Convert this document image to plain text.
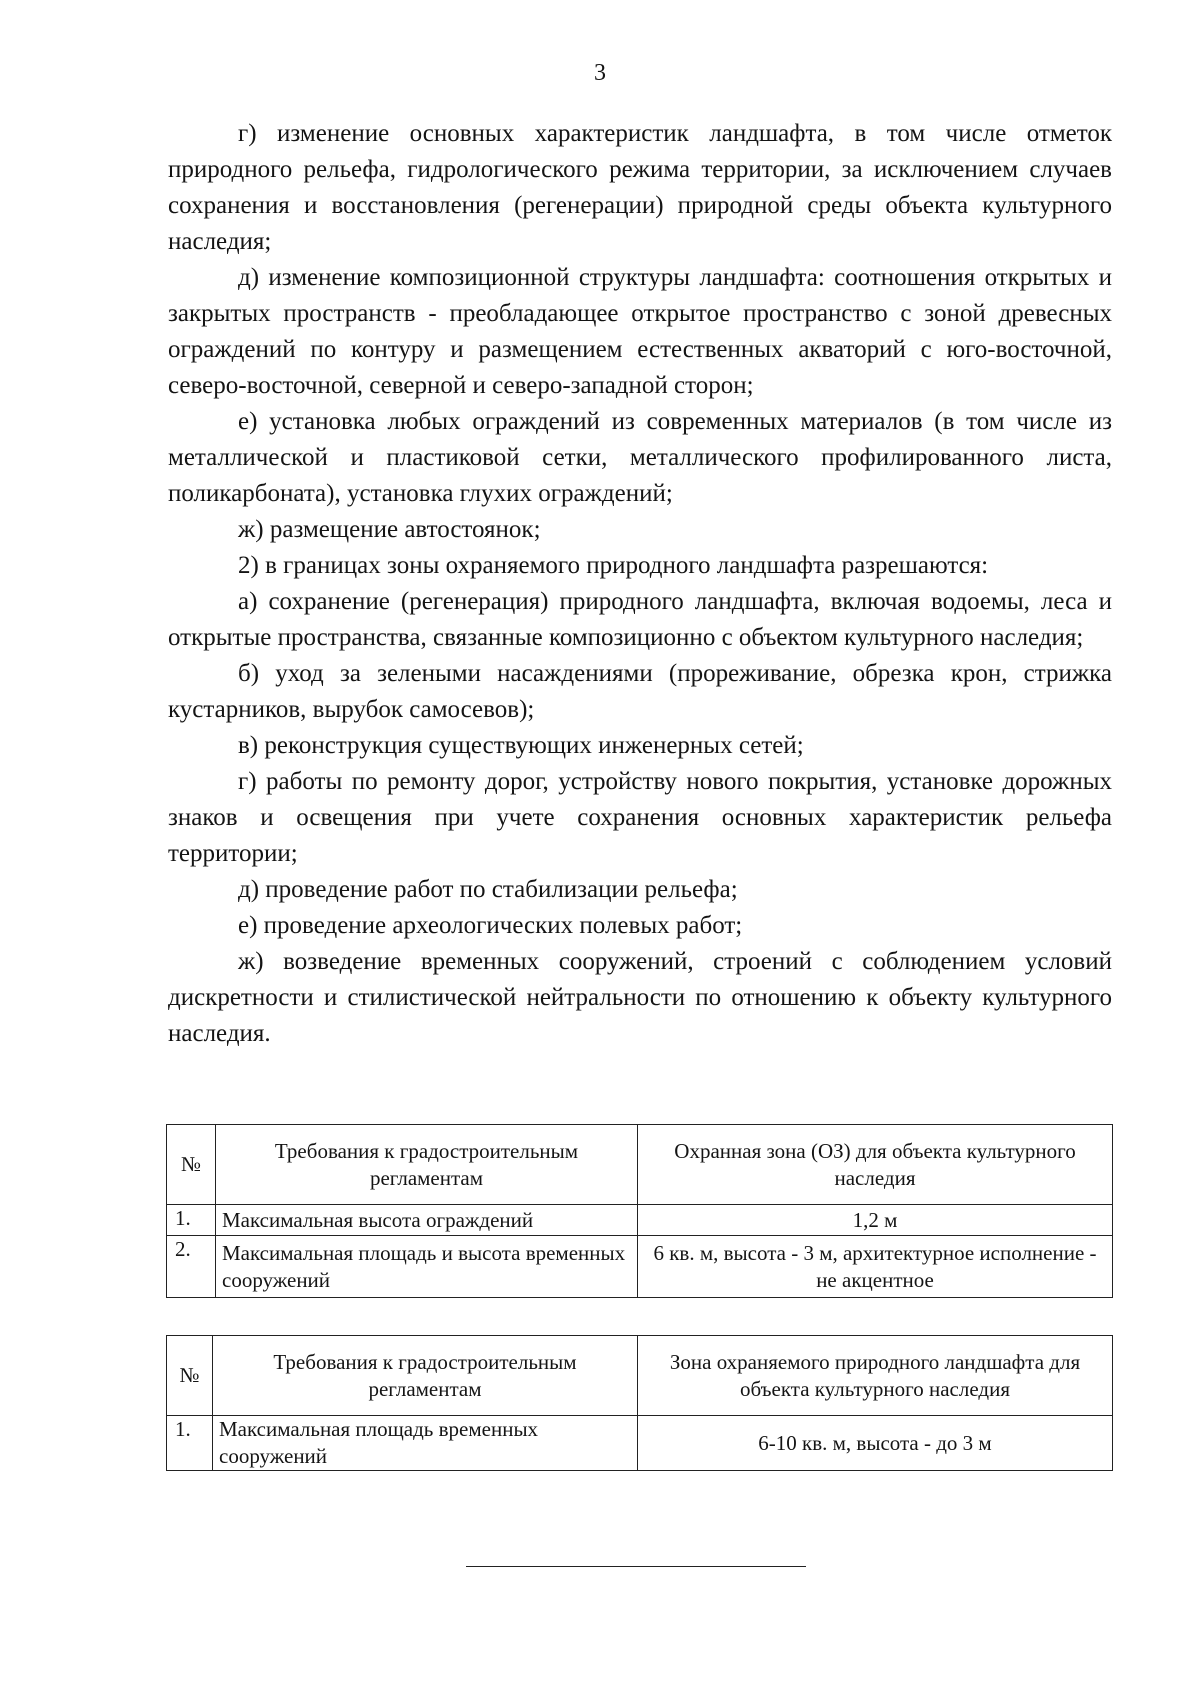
3

г) изменение основных характеристик ландшафта, в том числе отметок природного рельефа, гидрологического режима территории, за исключением случаев сохранения и восстановления (регенерации) природной среды объекта культурного наследия;

д) изменение композиционной структуры ландшафта: соотношения открытых и закрытых пространств - преобладающее открытое пространство с зоной древесных ограждений по контуру и размещением естественных акваторий с юго-восточной, северо-восточной, северной и северо-западной сторон;

е) установка любых ограждений из современных материалов (в том числе из металлической и пластиковой сетки, металлического профилированного листа, поликарбоната), установка глухих ограждений;

ж) размещение автостоянок;

2) в границах зоны охраняемого природного ландшафта разрешаются:

а) сохранение (регенерация) природного ландшафта, включая водоемы, леса и открытые пространства, связанные композиционно с объектом культурного наследия;

б) уход за зелеными насаждениями (прореживание, обрезка крон, стрижка кустарников, вырубок самосевов);

в) реконструкция существующих инженерных сетей;

г) работы по ремонту дорог, устройству нового покрытия, установке дорожных знаков и освещения при учете сохранения основных характеристик рельефа территории;

д) проведение работ по стабилизации рельефа;

е) проведение археологических полевых работ;

ж) возведение временных сооружений, строений с соблюдением условий дискретности и стилистической нейтральности по отношению к объекту культурного наследия.

№	Требования к градостроительным регламентам	Охранная зона (ОЗ) для объекта культурного наследия
1.	Максимальная высота ограждений	1,2 м
2.	Максимальная площадь и высота временных сооружений	6 кв. м, высота - 3 м, архитектурное исполнение - не акцентное
№	Требования к градостроительным регламентам	Зона охраняемого природного ландшафта для объекта культурного наследия
1.	Максимальная площадь временных сооружений	6-10 кв. м, высота - до 3 м
